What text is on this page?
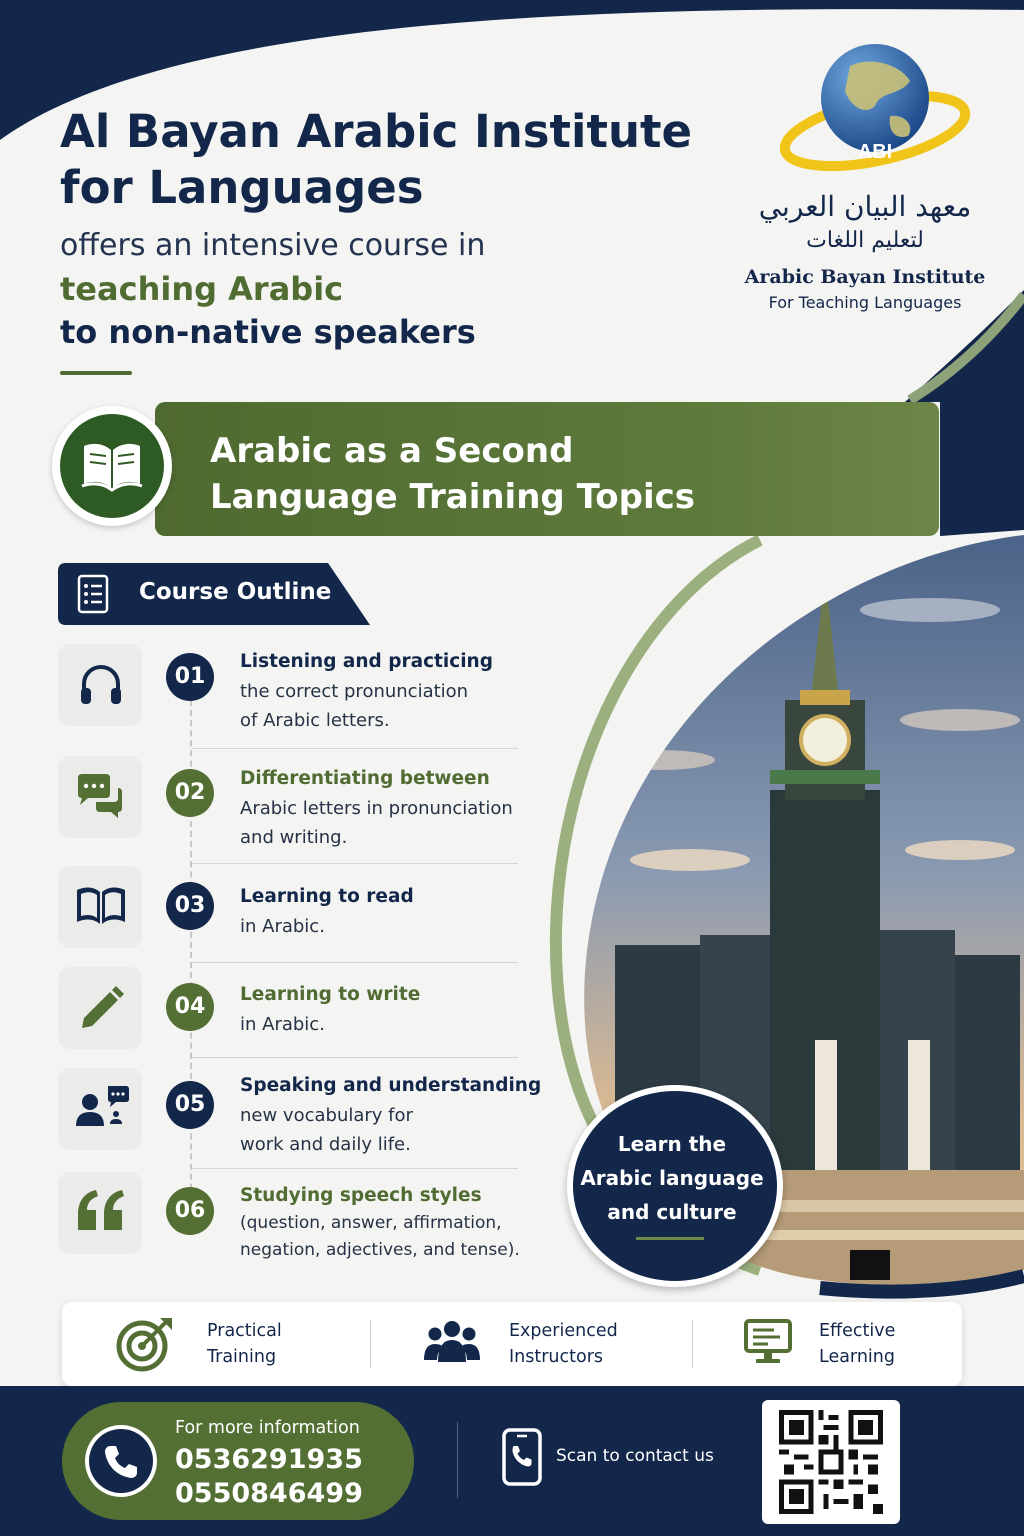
Al Bayan Arabic Institute
for Languages
offers an intensive course in
teaching Arabic
to non-native speakers
ABI
معهد البيان العربي
لتعليم اللغات
Arabic Bayan Institute
For Teaching Languages
Arabic as a Second
Language Training Topics
Course Outline
01
Listening and practicing
the correct pronunciation
of Arabic letters.
02
Differentiating between
Arabic letters in pronunciation
and writing.
03	Learning to read
in Arabic.
04	Learning to write
in Arabic.
05
Speaking and understanding
new vocabulary for
work and daily life.
06
Studying speech styles
(question, answer, affirmation,
negation, adjectives, and tense).
Learn the
Arabic language
and culture
Practical
Training
Experienced
Instructors
Effective
Learning
For more information
0536291935
0550846499
Scan to contact us
